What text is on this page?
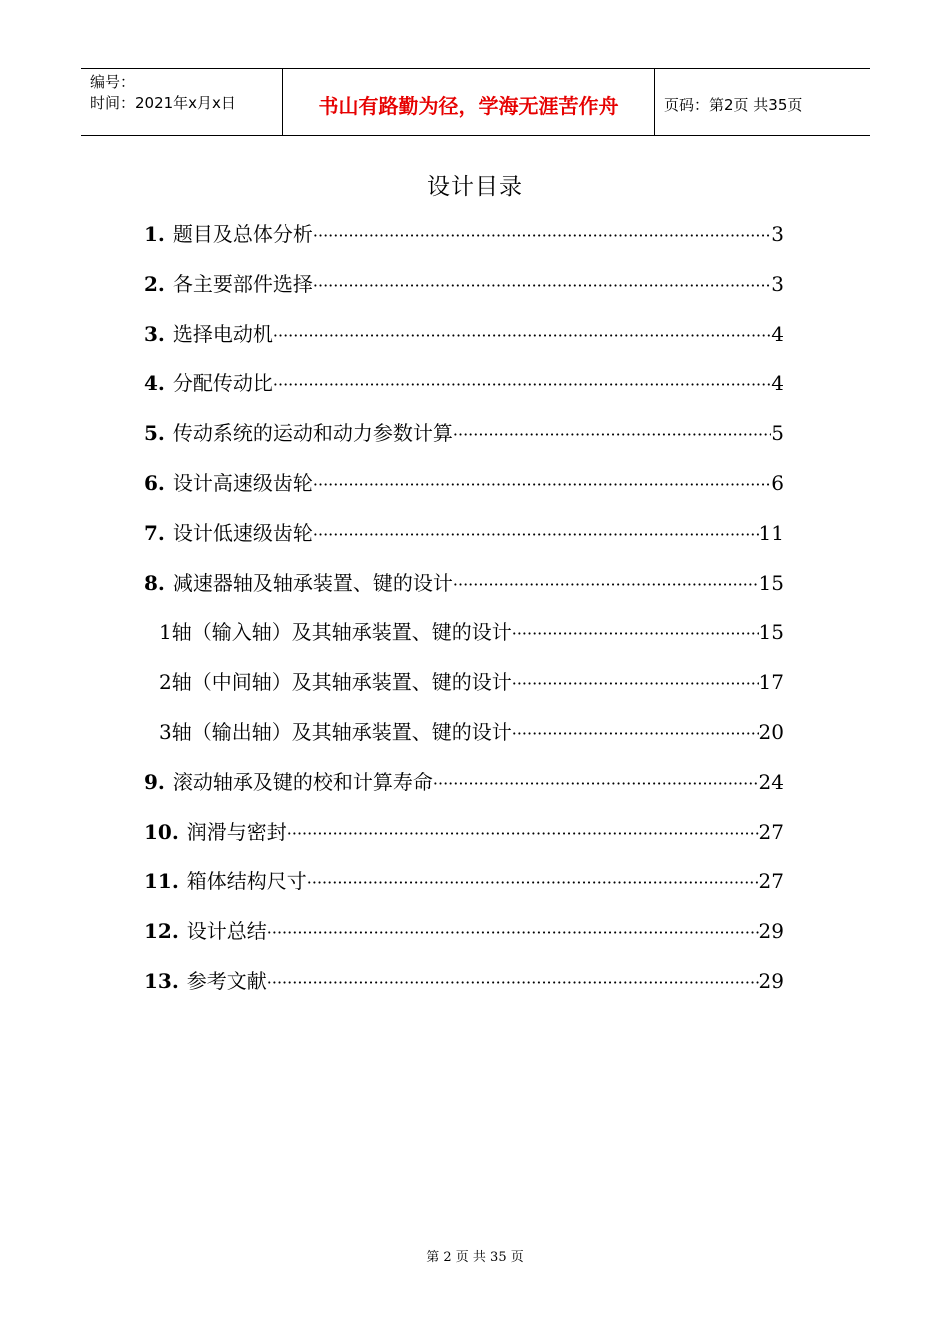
编号：
时间：2021年x月x日	书山有路勤为径，学海无涯苦作舟	页码：第2页 共35页
设计目录
1. 题目及总体分析 ·····	3
2. 各主要部件选择 ·····	3
3. 选择电动机 ·····	4
4. 分配传动比 ·····	4
5. 传动系统的运动和动力参数计算 ·····	5
6. 设计高速级齿轮 ·····	6
7. 设计低速级齿轮 ·····	11
8. 减速器轴及轴承装置、键的设计 ·····	15
1轴（输入轴）及其轴承装置、键的设计 ·····	15
2轴（中间轴）及其轴承装置、键的设计 ·····	17
3轴（输出轴）及其轴承装置、键的设计 ·····	20
9. 滚动轴承及键的校和计算寿命 ·····	24
10. 润滑与密封 ·····	27
11. 箱体结构尺寸 ·····	27
12. 设计总结 ·····	29
13. 参考文献 ·····	29
第 2 页 共 35 页
